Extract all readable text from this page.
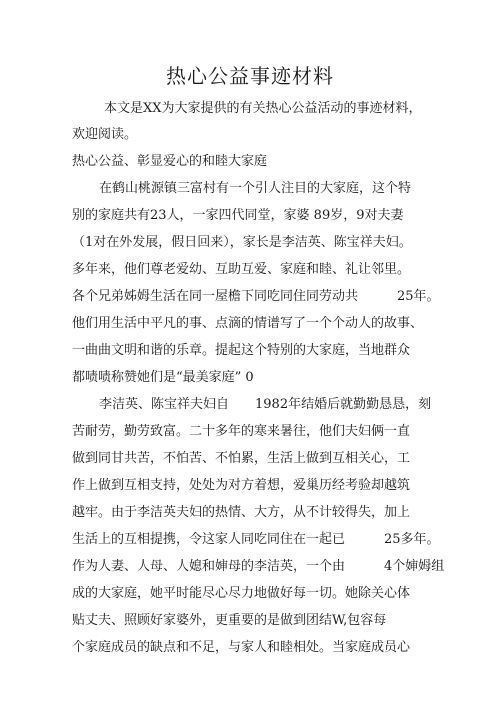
热心公益事迹材料
本文是XX为大家提供的有关热心公益活动的事迹材料，
欢迎阅读。
热心公益、彰显爱心的和睦大家庭
在鹤山桃源镇三富村有一个引人注目的大家庭，这个特
别的家庭共有23人，一家四代同堂，家婆 89岁，9对夫妻
（1对在外发展，假日回来），家长是李洁英、陈宝祥夫妇。
多年来，他们尊老爱幼、互助互爱、家庭和睦、礼让邻里。
各个兄弟姊姆生活在同一屋檐下同吃同住同劳动共　　　25年。
他们用生活中平凡的事、点滴的情谱写了一个个动人的故事、
一曲曲文明和谐的乐章。提起这个特别的大家庭，当地群众
都啧啧称赞她们是“最美家庭” 0
李洁英、陈宝祥夫妇自　　1982年结婚后就勤勤恳恳，刻
苦耐劳，勤劳致富。二十多年的寒来暑往，他们夫妇俩一直
做到同甘共苦，不怕苦、不怕累，生活上做到互相关心，工
作上做到互相支持，处处为对方着想，爱巢历经考验却越筑
越牢。由于李洁英夫妇的热情、大方，从不计较得失，加上
生活上的互相提携，令这家人同吃同住在一起已　　　25多年。
作为人妻、人母、人媳和婶母的李洁英，一个由　　　4个婶姆组
成的大家庭，她平时能尽心尽力地做好每一切。她除关心体
贴丈夫、照顾好家婆外，更重要的是做到团结W,包容每
个家庭成员的缺点和不足，与家人和睦相处。当家庭成员心
